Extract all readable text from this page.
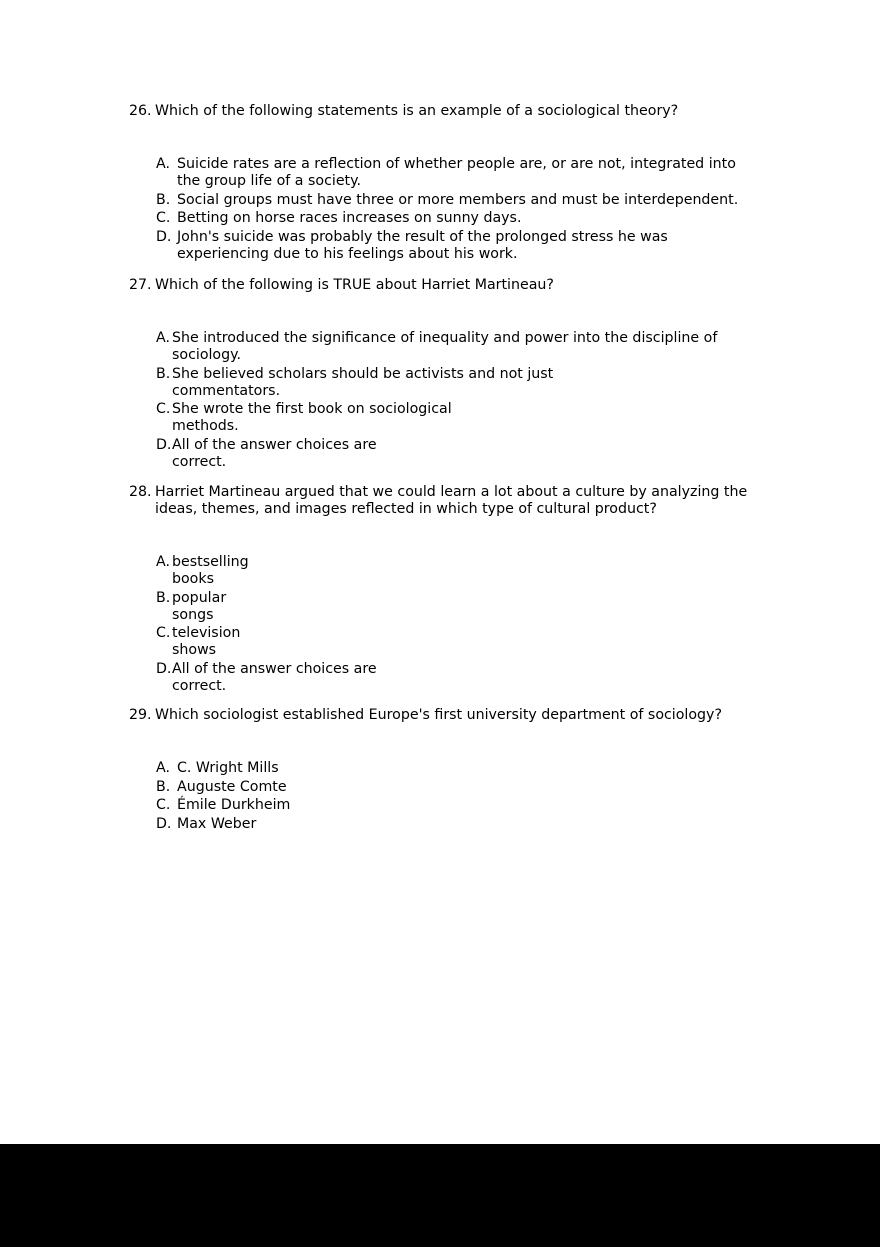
26. Which of the following statements is an example of a sociological theory?
A. Suicide rates are a reflection of whether people are, or are not, integrated into the group life of a society.
B. Social groups must have three or more members and must be interdependent.
C. Betting on horse races increases on sunny days.
D. John's suicide was probably the result of the prolonged stress he was experiencing due to his feelings about his work.
27. Which of the following is TRUE about Harriet Martineau?
A. She introduced the significance of inequality and power into the discipline of sociology.
B. She believed scholars should be activists and not just commentators.
C. She wrote the first book on sociological methods.
D. All of the answer choices are correct.
28. Harriet Martineau argued that we could learn a lot about a culture by analyzing the ideas, themes, and images reflected in which type of cultural product?
A. bestselling books
B. popular songs
C. television shows
D. All of the answer choices are correct.
29. Which sociologist established Europe's first university department of sociology?
A. C. Wright Mills
B. Auguste Comte
C. Émile Durkheim
D. Max Weber
